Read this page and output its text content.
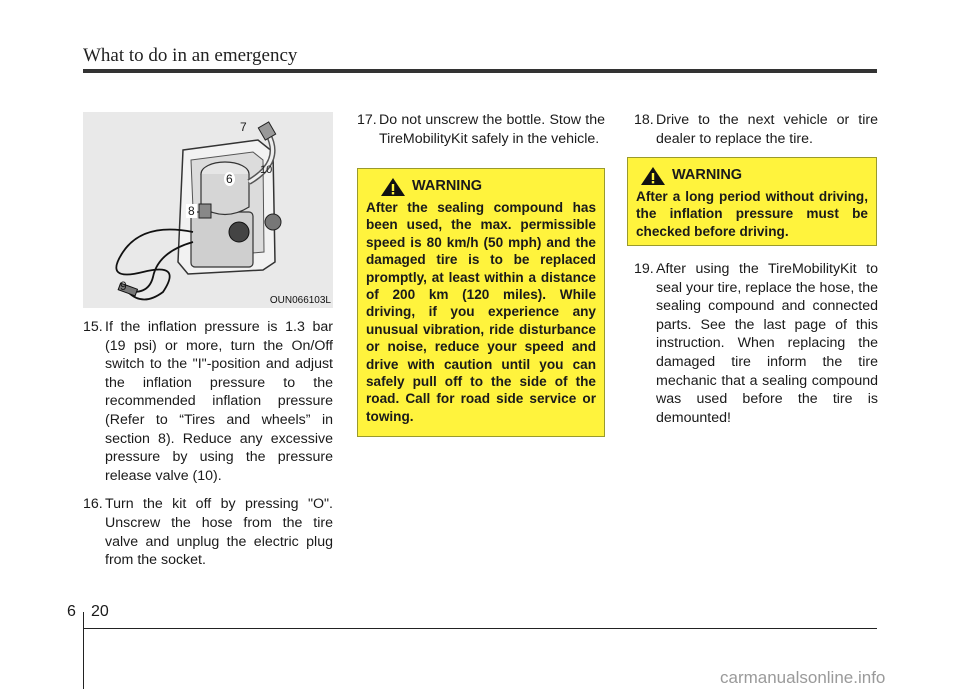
What to do in an emergency
7
10
6
8
9
OUN066103L
15. If the inflation pressure is 1.3 bar (19 psi) or more, turn the On/Off switch to the "I"-position and adjust the inflation pressure to the recommended inflation pressure (Refer to “Tires and wheels” in section 8). Reduce any excessive pressure by using the pressure release valve (10).
16. Turn the kit off by pressing "O". Unscrew the hose from the tire valve and unplug the electric plug from the socket.
17. Do not unscrew the bottle. Stow the TireMobilityKit safely in the vehicle.
WARNING
After the sealing compound has been used, the max. permissible speed is 80 km/h (50 mph) and the damaged tire is to be replaced promptly, at least within a distance of 200 km (120 miles). While driving, if you experience any unusual vibration, ride disturbance or noise, reduce your speed and drive with caution until you can safely pull off to the side of the road. Call for road side service or towing.
18. Drive to the next vehicle or tire dealer to replace the tire.
WARNING
After a long period without driving, the inflation pressure must be checked before driving.
19. After using the TireMobilityKit to seal your tire, replace the hose, the sealing compound and connected parts. See the last page of this instruction. When replacing the damaged tire inform the tire mechanic that a sealing compound was used before the tire is demounted!
6 20
carmanualsonline.info
